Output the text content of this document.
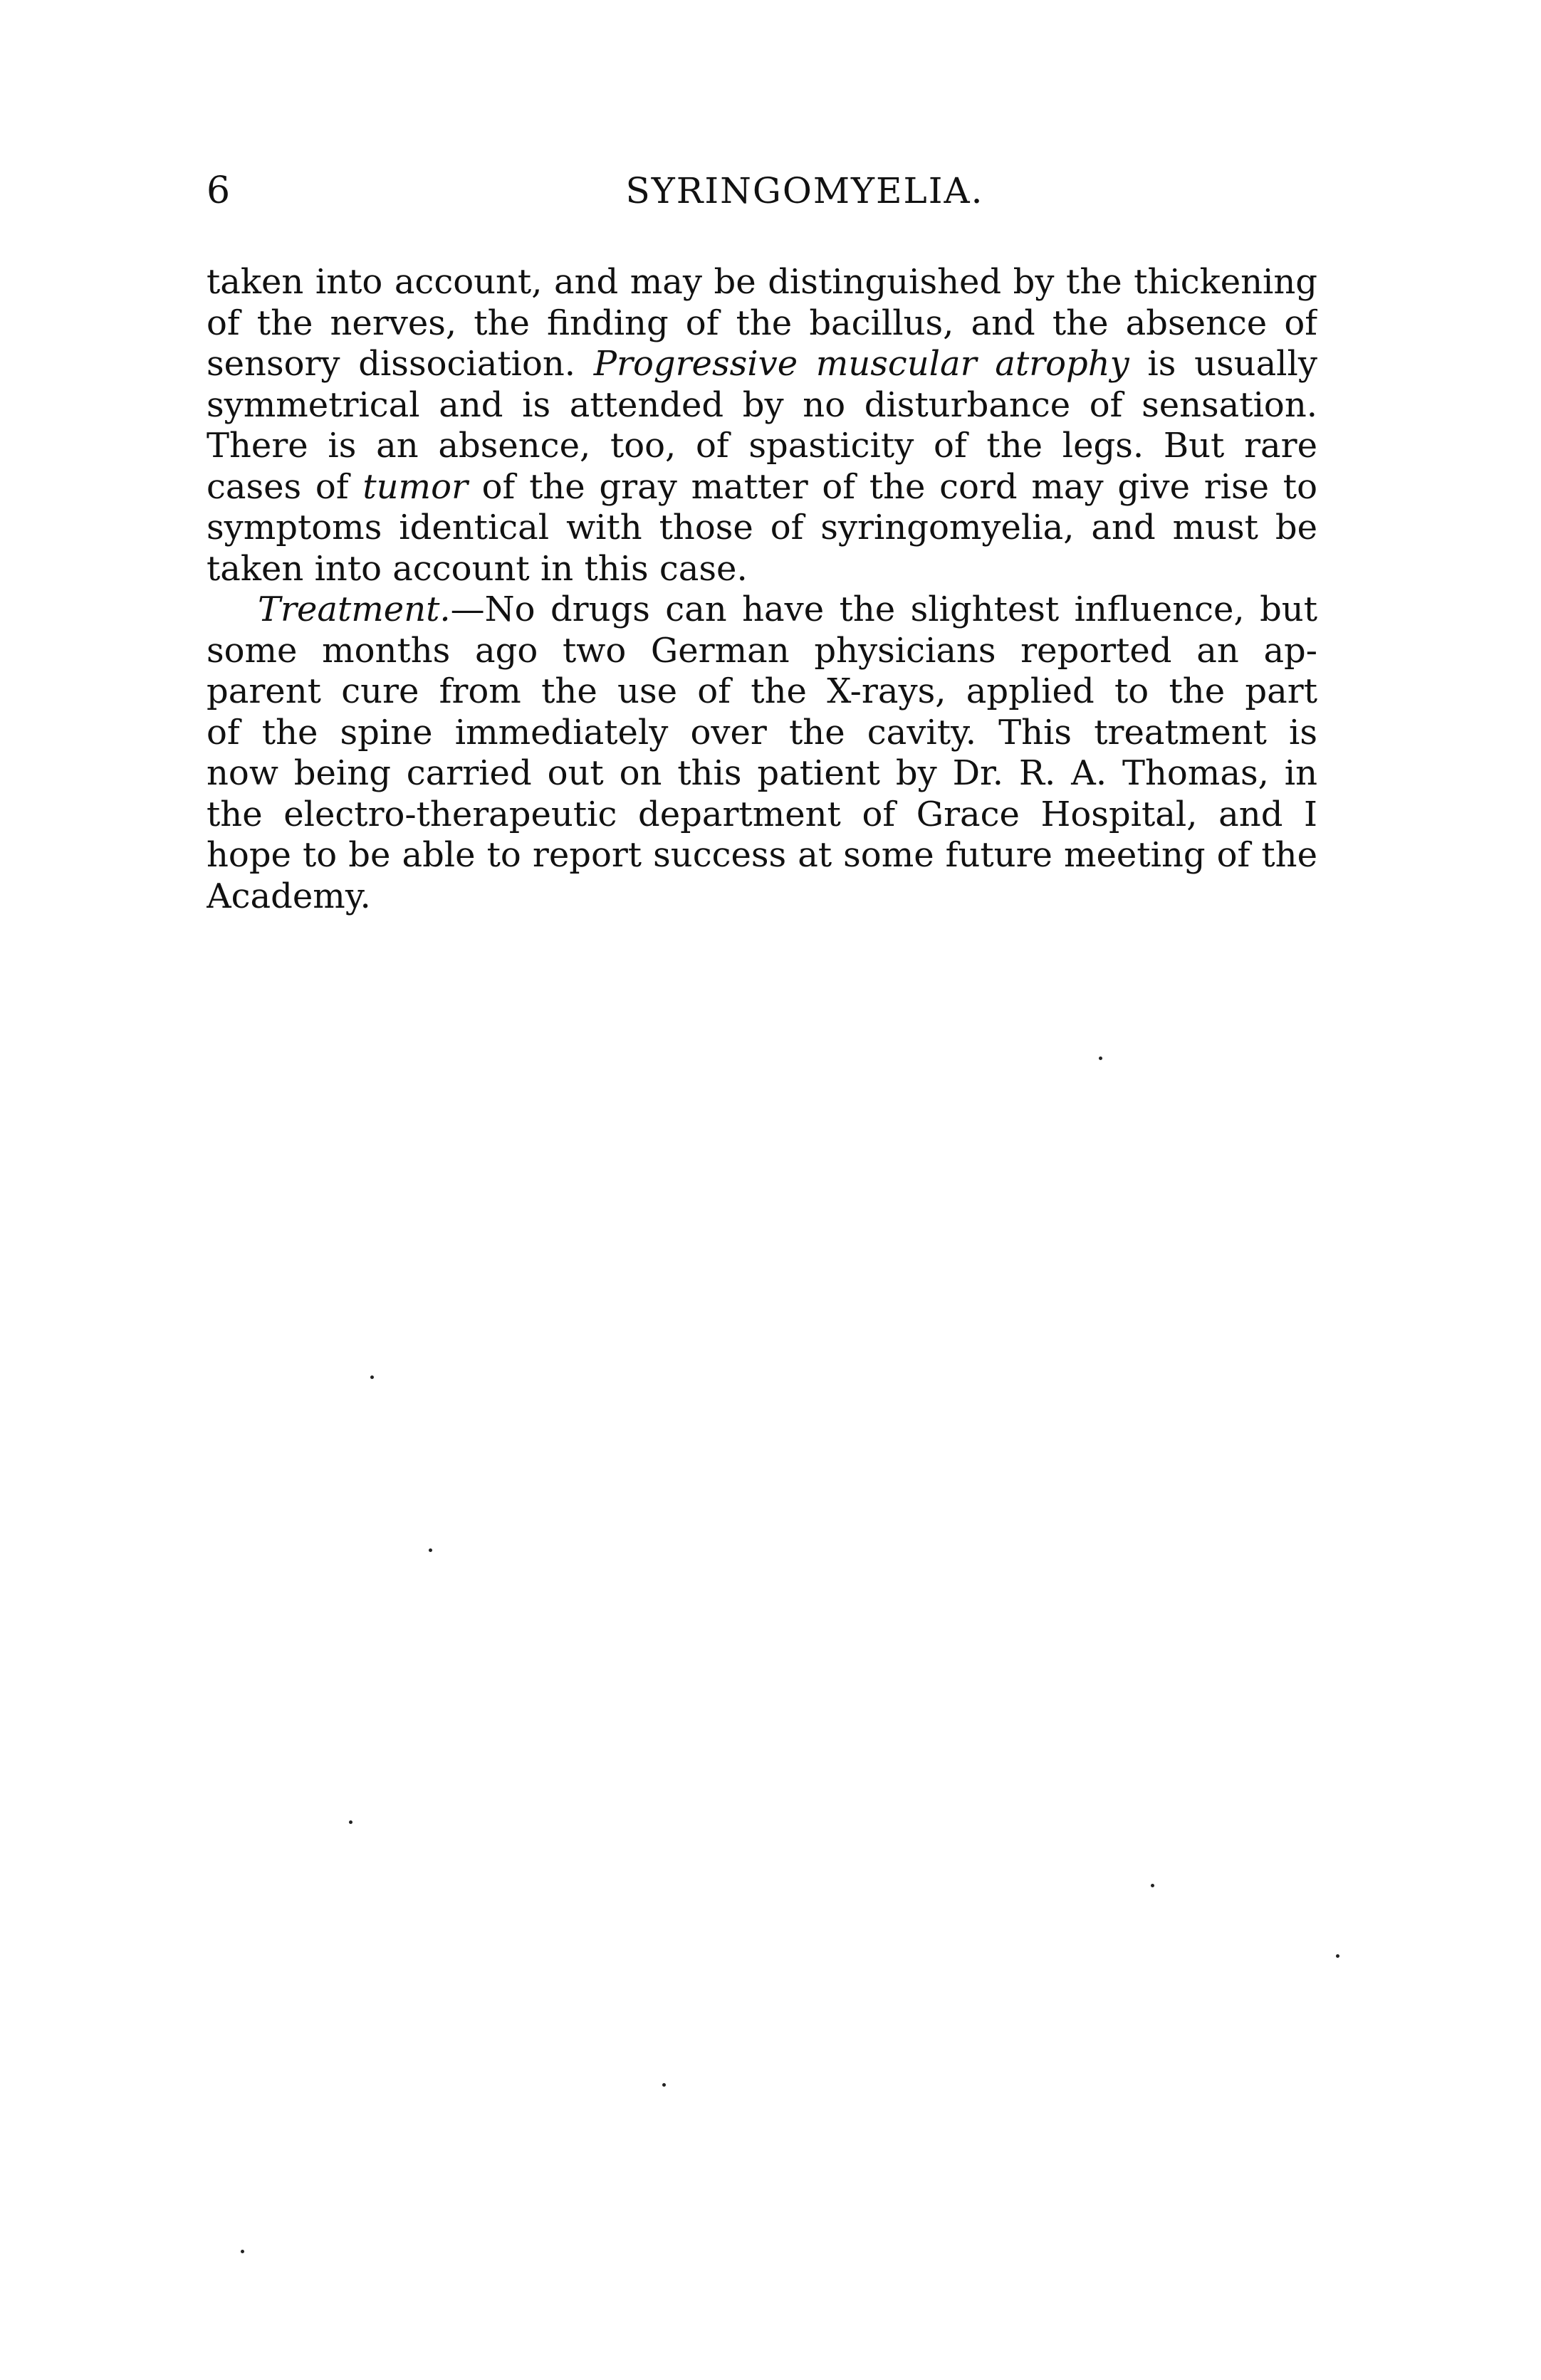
6	SYRINGOMYELIA.
taken into account, and may be distinguished by the thickening
of the nerves, the finding of the bacillus, and the absence of
sensory dissociation. Progressive muscular atrophy is usually
symmetrical and is attended by no disturbance of sensation.
There is an absence, too, of spasticity of the legs. But rare
cases of tumor of the gray matter of the cord may give rise to
symptoms identical with those of syringomyelia, and must be
taken into account in this case.
Treatment.—No drugs can have the slightest influence, but
some months ago two German physicians reported an ap-
parent cure from the use of the X-rays, applied to the part
of the spine immediately over the cavity. This treatment is
now being carried out on this patient by Dr. R. A. Thomas, in
the electro-therapeutic department of Grace Hospital, and I
hope to be able to report success at some future meeting of the
Academy.
